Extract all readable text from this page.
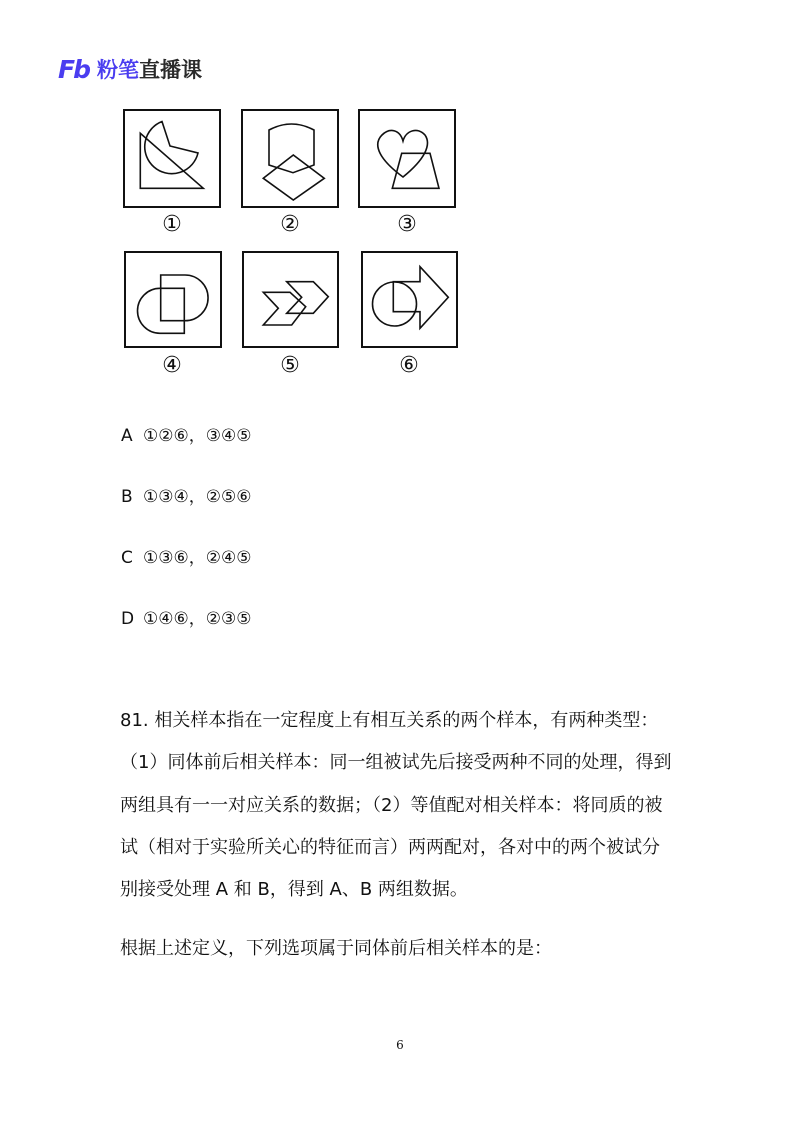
Fb 粉笔 直播课
①	②	③
④	⑤	⑥
A ①②⑥，③④⑤
B ①③④，②⑤⑥
C ①③⑥，②④⑤
D ①④⑥，②③⑤
81. 相关样本指在一定程度上有相互关系的两个样本，有两种类型：
（1）同体前后相关样本：同一组被试先后接受两种不同的处理，得到
两组具有一一对应关系的数据；（2）等值配对相关样本：将同质的被
试（相对于实验所关心的特征而言）两两配对，各对中的两个被试分
别接受处理 A 和 B，得到 A、B 两组数据。
根据上述定义，下列选项属于同体前后相关样本的是：
6
